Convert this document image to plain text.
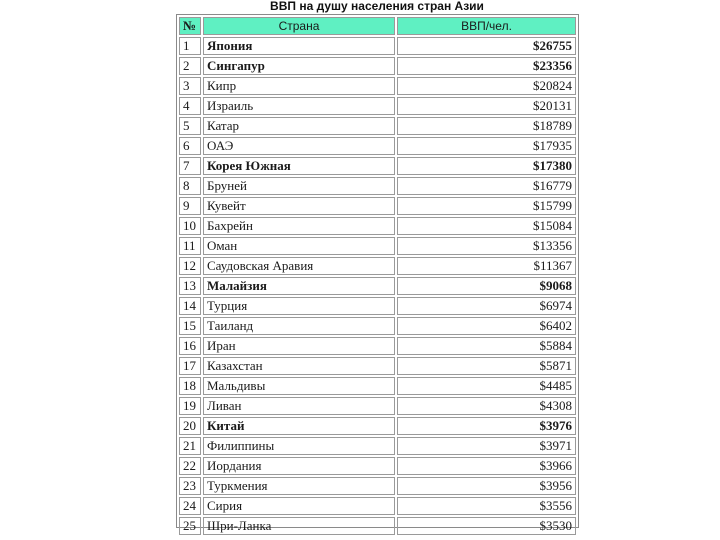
ВВП на душу населения стран Азии
№	Страна	ВВП/чел.
1	Япония	$26755
2	Сингапур	$23356
3	Кипр	$20824
4	Израиль	$20131
5	Катар	$18789
6	ОАЭ	$17935
7	Корея Южная	$17380
8	Бруней	$16779
9	Кувейт	$15799
10	Бахрейн	$15084
11	Оман	$13356
12	Саудовская Аравия	$11367
13	Малайзия	$9068
14	Турция	$6974
15	Таиланд	$6402
16	Иран	$5884
17	Казахстан	$5871
18	Мальдивы	$4485
19	Ливан	$4308
20	Китай	$3976
21	Филиппины	$3971
22	Иордания	$3966
23	Туркмения	$3956
24	Сирия	$3556
25	Шри-Ланка	$3530
